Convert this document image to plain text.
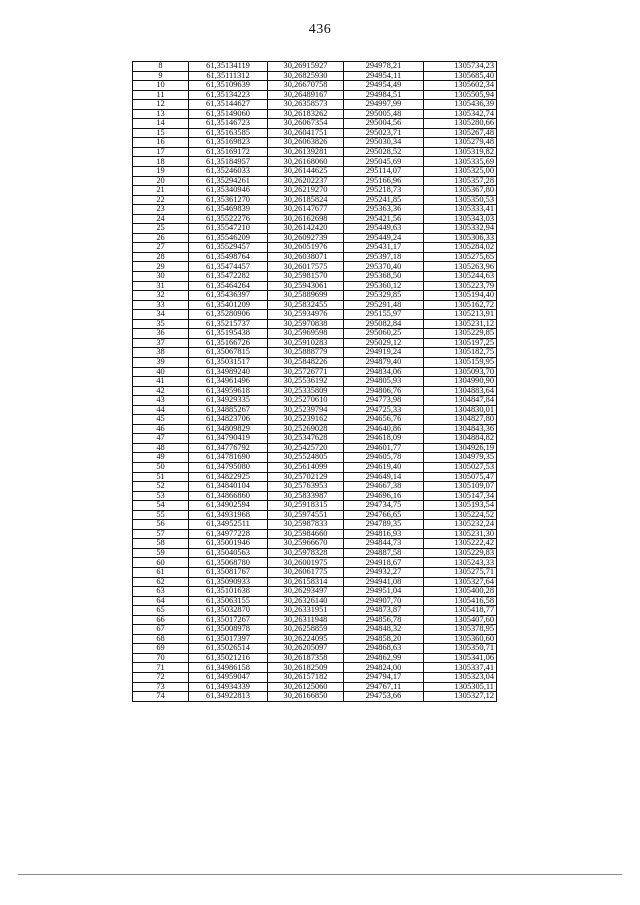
436
8	61,35134119	30,26915927	294978,21	1305734,23
9	61,35111312	30,26825930	294954,11	1305685,40
10	61,35109639	30,26670758	294954,49	1305602,34
11	61,35134223	30,26489167	294984,51	1305505,94
12	61,35144627	30,26358573	294997,99	1305436,39
13	61,35149060	30,26183262	295005,48	1305342,74
14	61,35146723	30,26067354	295004,56	1305280,66
15	61,35163585	30,26041751	295023,71	1305267,48
16	61,35169823	30,26063826	295030,34	1305279,48
17	61,35169172	30,26139281	295028,52	1305319,82
18	61,35184957	30,26168060	295045,69	1305335,69
19	61,35246033	30,26144625	295114,07	1305325,00
20	61,35294261	30,26202237	295166,96	1305357,28
21	61,35340946	30,26219270	295218,73	1305367,80
22	61,35361270	30,26185824	295241,85	1305350,53
23	61,35469839	30,26147677	295363,36	1305333,41
24	61,35522276	30,26162698	295421,56	1305343,03
25	61,35547210	30,26142420	295449,63	1305332,94
26	61,35546209	30,26092739	295449,24	1305306,33
27	61,35529457	30,26051976	295431,17	1305284,02
28	61,35498764	30,26038071	295397,18	1305275,65
29	61,35474457	30,26017575	295370,40	1305263,96
30	61,35472282	30,25981570	295368,50	1305244,63
31	61,35464264	30,25943061	295360,12	1305223,79
32	61,35436397	30,25889699	295329,85	1305194,40
33	61,35401209	30,25832455	295291,48	1305162,72
34	61,35280906	30,25934976	295155,97	1305213,91
35	61,35215737	30,25970838	295082,84	1305231,12
36	61,35195438	30,25969598	295060,25	1305229,85
37	61,35166726	30,25910283	295029,12	1305197,25
38	61,35067815	30,25888779	294919,24	1305182,75
39	61,35031517	30,25848226	294879,40	1305159,95
40	61,34989240	30,25726771	294834,06	1305093,70
41	61,34961496	30,25536192	294805,93	1304990,90
42	61,34959618	30,25335809	294806,76	1304883,64
43	61,34929335	30,25270610	294773,98	1304847,84
44	61,34885267	30,25239794	294725,33	1304830,01
45	61,34823706	30,25239162	294656,76	1304827,80
46	61,34809829	30,25269028	294640,86	1304843,36
47	61,34790419	30,25347628	294618,09	1304884,82
48	61,34776792	30,25425720	294601,77	1304926,19
49	61,34781690	30,25524805	294605,78	1304979,35
50	61,34795080	30,25614099	294619,40	1305027,53
51	61,34822925	30,25702129	294649,14	1305075,47
52	61,34840104	30,25763953	294667,38	1305109,07
53	61,34866860	30,25833987	294696,16	1305147,34
54	61,34902594	30,25918315	294734,75	1305193,54
55	61,34931968	30,25974551	294766,65	1305224,52
56	61,34952511	30,25987833	294789,35	1305232,24
57	61,34977228	30,25984660	294816,93	1305231,30
58	61,35001946	30,25966670	294844,73	1305222,42
59	61,35040563	30,25978328	294887,58	1305229,83
60	61,35068780	30,26001975	294918,67	1305243,33
61	61,35081767	30,26061775	294932,27	1305275,71
62	61,35090933	30,26158314	294941,08	1305327,64
63	61,35101638	30,26293497	294951,04	1305400,28
64	61,35063155	30,26326140	294907,70	1305416,58
65	61,35032870	30,26331951	294873,87	1305418,77
66	61,35017267	30,26311948	294856,78	1305407,60
67	61,35008978	30,26258859	294848,32	1305378,95
68	61,35017397	30,26224095	294858,20	1305360,60
69	61,35026514	30,26205097	294868,63	1305350,71
70	61,35021216	30,26187358	294862,99	1305341,06
71	61,34986158	30,26182509	294824,00	1305337,41
72	61,34959047	30,26157182	294794,17	1305323,04
73	61,34934339	30,26125060	294767,11	1305305,11
74	61,34922813	30,26166850	294753,66	1305327,12
